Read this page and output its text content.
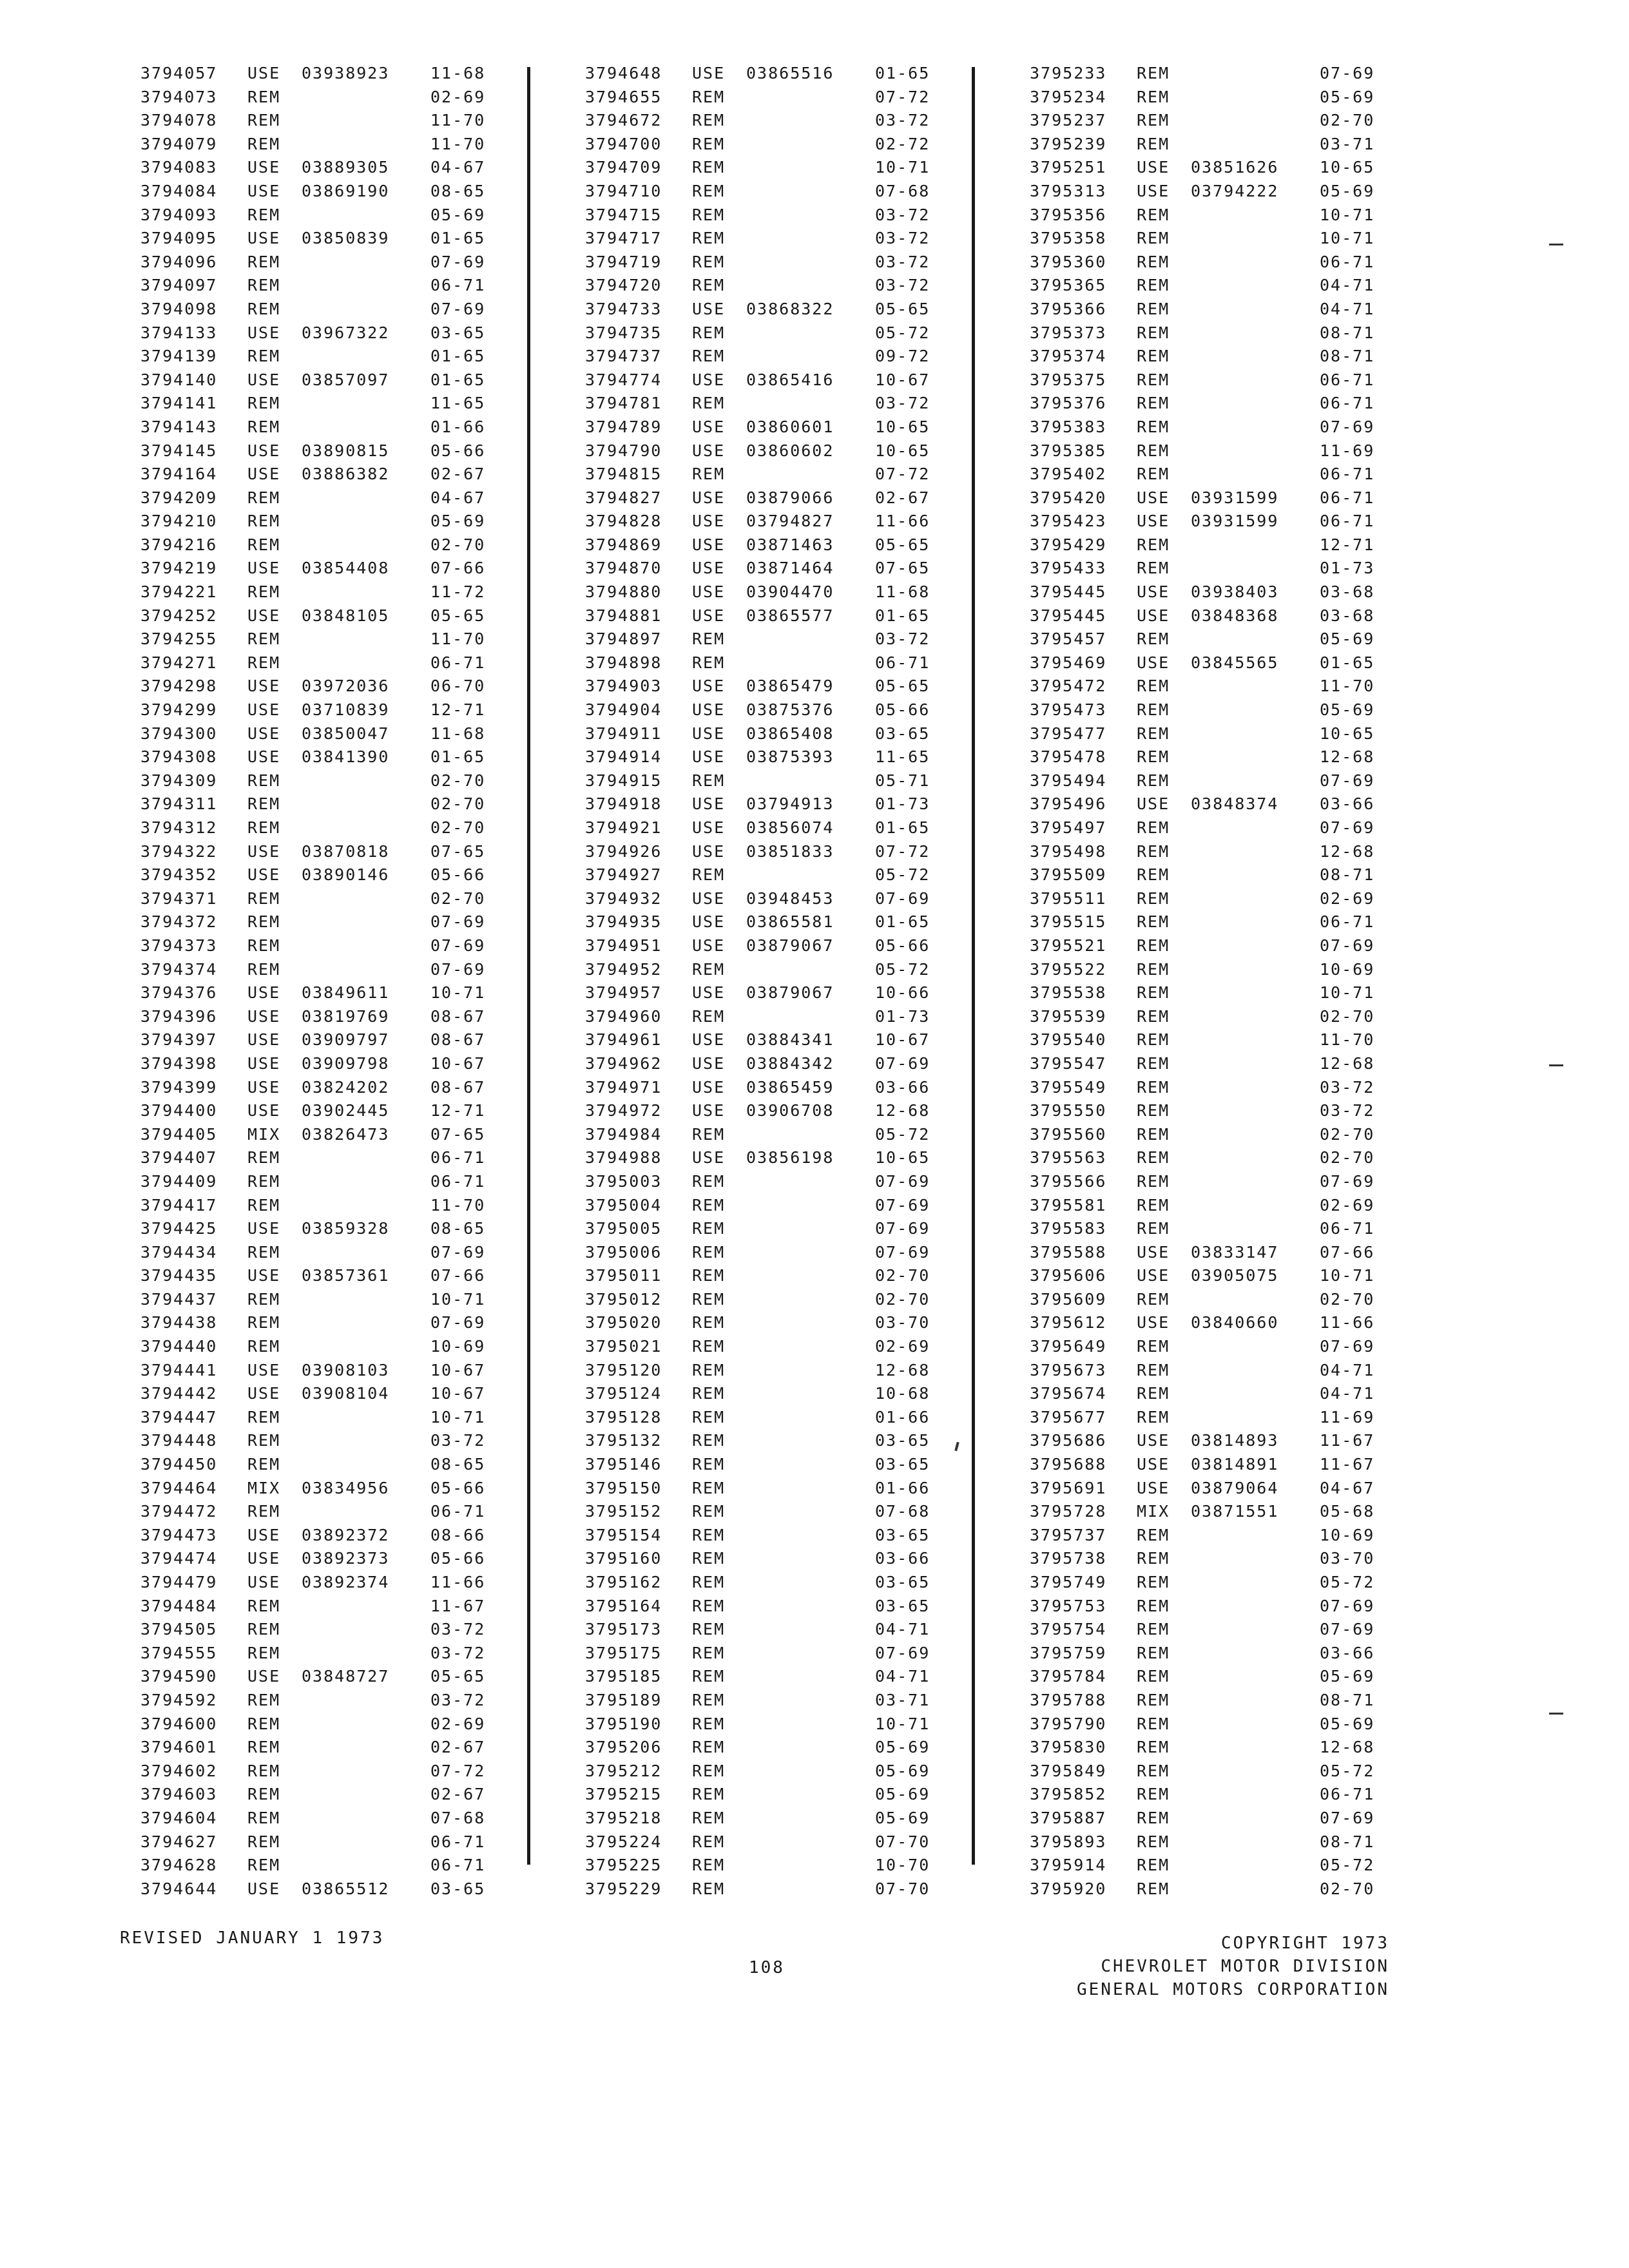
3794057 USE 03938923	11-68
3794073 REM	02-69
3794078 REM	11-70
3794079 REM	11-70
3794083 USE 03889305	04-67
3794084 USE 03869190	08-65
3794093 REM	05-69
3794095 USE 03850839	01-65
3794096 REM	07-69
3794097 REM	06-71
3794098 REM	07-69
3794133 USE 03967322	03-65
3794139 REM	01-65
3794140 USE 03857097	01-65
3794141 REM	11-65
3794143 REM	01-66
3794145 USE 03890815	05-66
3794164 USE 03886382	02-67
3794209 REM	04-67
3794210 REM	05-69
3794216 REM	02-70
3794219 USE 03854408	07-66
3794221 REM	11-72
3794252 USE 03848105	05-65
3794255 REM	11-70
3794271 REM	06-71
3794298 USE 03972036	06-70
3794299 USE 03710839	12-71
3794300 USE 03850047	11-68
3794308 USE 03841390	01-65
3794309 REM	02-70
3794311 REM	02-70
3794312 REM	02-70
3794322 USE 03870818	07-65
3794352 USE 03890146	05-66
3794371 REM	02-70
3794372 REM	07-69
3794373 REM	07-69
3794374 REM	07-69
3794376 USE 03849611	10-71
3794396 USE 03819769	08-67
3794397 USE 03909797	08-67
3794398 USE 03909798	10-67
3794399 USE 03824202	08-67
3794400 USE 03902445	12-71
3794405 MIX 03826473	07-65
3794407 REM	06-71
3794409 REM	06-71
3794417 REM	11-70
3794425 USE 03859328	08-65
3794434 REM	07-69
3794435 USE 03857361	07-66
3794437 REM	10-71
3794438 REM	07-69
3794440 REM	10-69
3794441 USE 03908103	10-67
3794442 USE 03908104	10-67
3794447 REM	10-71
3794448 REM	03-72
3794450 REM	08-65
3794464 MIX 03834956	05-66
3794472 REM	06-71
3794473 USE 03892372	08-66
3794474 USE 03892373	05-66
3794479 USE 03892374	11-66
3794484 REM	11-67
3794505 REM	03-72
3794555 REM	03-72
3794590 USE 03848727	05-65
3794592 REM	03-72
3794600 REM	02-69
3794601 REM	02-67
3794602 REM	07-72
3794603 REM	02-67
3794604 REM	07-68
3794627 REM	06-71
3794628 REM	06-71
3794644 USE 03865512	03-65
3794648 USE 03865516	01-65
3794655 REM	07-72
3794672 REM	03-72
3794700 REM	02-72
3794709 REM	10-71
3794710 REM	07-68
3794715 REM	03-72
3794717 REM	03-72
3794719 REM	03-72
3794720 REM	03-72
3794733 USE 03868322	05-65
3794735 REM	05-72
3794737 REM	09-72
3794774 USE 03865416	10-67
3794781 REM	03-72
3794789 USE 03860601	10-65
3794790 USE 03860602	10-65
3794815 REM	07-72
3794827 USE 03879066	02-67
3794828 USE 03794827	11-66
3794869 USE 03871463	05-65
3794870 USE 03871464	07-65
3794880 USE 03904470	11-68
3794881 USE 03865577	01-65
3794897 REM	03-72
3794898 REM	06-71
3794903 USE 03865479	05-65
3794904 USE 03875376	05-66
3794911 USE 03865408	03-65
3794914 USE 03875393	11-65
3794915 REM	05-71
3794918 USE 03794913	01-73
3794921 USE 03856074	01-65
3794926 USE 03851833	07-72
3794927 REM	05-72
3794932 USE 03948453	07-69
3794935 USE 03865581	01-65
3794951 USE 03879067	05-66
3794952 REM	05-72
3794957 USE 03879067	10-66
3794960 REM	01-73
3794961 USE 03884341	10-67
3794962 USE 03884342	07-69
3794971 USE 03865459	03-66
3794972 USE 03906708	12-68
3794984 REM	05-72
3794988 USE 03856198	10-65
3795003 REM	07-69
3795004 REM	07-69
3795005 REM	07-69
3795006 REM	07-69
3795011 REM	02-70
3795012 REM	02-70
3795020 REM	03-70
3795021 REM	02-69
3795120 REM	12-68
3795124 REM	10-68
3795128 REM	01-66
3795132 REM	03-65
3795146 REM	03-65
3795150 REM	01-66
3795152 REM	07-68
3795154 REM	03-65
3795160 REM	03-66
3795162 REM	03-65
3795164 REM	03-65
3795173 REM	04-71
3795175 REM	07-69
3795185 REM	04-71
3795189 REM	03-71
3795190 REM	10-71
3795206 REM	05-69
3795212 REM	05-69
3795215 REM	05-69
3795218 REM	05-69
3795224 REM	07-70
3795225 REM	10-70
3795229 REM	07-70
3795233 REM	07-69
3795234 REM	05-69
3795237 REM	02-70
3795239 REM	03-71
3795251 USE 03851626	10-65
3795313 USE 03794222	05-69
3795356 REM	10-71
3795358 REM	10-71
3795360 REM	06-71
3795365 REM	04-71
3795366 REM	04-71
3795373 REM	08-71
3795374 REM	08-71
3795375 REM	06-71
3795376 REM	06-71
3795383 REM	07-69
3795385 REM	11-69
3795402 REM	06-71
3795420 USE 03931599	06-71
3795423 USE 03931599	06-71
3795429 REM	12-71
3795433 REM	01-73
3795445 USE 03938403	03-68
3795445 USE 03848368	03-68
3795457 REM	05-69
3795469 USE 03845565	01-65
3795472 REM	11-70
3795473 REM	05-69
3795477 REM	10-65
3795478 REM	12-68
3795494 REM	07-69
3795496 USE 03848374	03-66
3795497 REM	07-69
3795498 REM	12-68
3795509 REM	08-71
3795511 REM	02-69
3795515 REM	06-71
3795521 REM	07-69
3795522 REM	10-69
3795538 REM	10-71
3795539 REM	02-70
3795540 REM	11-70
3795547 REM	12-68
3795549 REM	03-72
3795550 REM	03-72
3795560 REM	02-70
3795563 REM	02-70
3795566 REM	07-69
3795581 REM	02-69
3795583 REM	06-71
3795588 USE 03833147	07-66
3795606 USE 03905075	10-71
3795609 REM	02-70
3795612 USE 03840660	11-66
3795649 REM	07-69
3795673 REM	04-71
3795674 REM	04-71
3795677 REM	11-69
3795686 USE 03814893	11-67
3795688 USE 03814891	11-67
3795691 USE 03879064	04-67
3795728 MIX 03871551	05-68
3795737 REM	10-69
3795738 REM	03-70
3795749 REM	05-72
3795753 REM	07-69
3795754 REM	07-69
3795759 REM	03-66
3795784 REM	05-69
3795788 REM	08-71
3795790 REM	05-69
3795830 REM	12-68
3795849 REM	05-72
3795852 REM	06-71
3795887 REM	07-69
3795893 REM	08-71
3795914 REM	05-72
3795920 REM	02-70
REVISED JANUARY 1 1973
108
COPYRIGHT 1973
CHEVROLET MOTOR DIVISION
GENERAL MOTORS CORPORATION
